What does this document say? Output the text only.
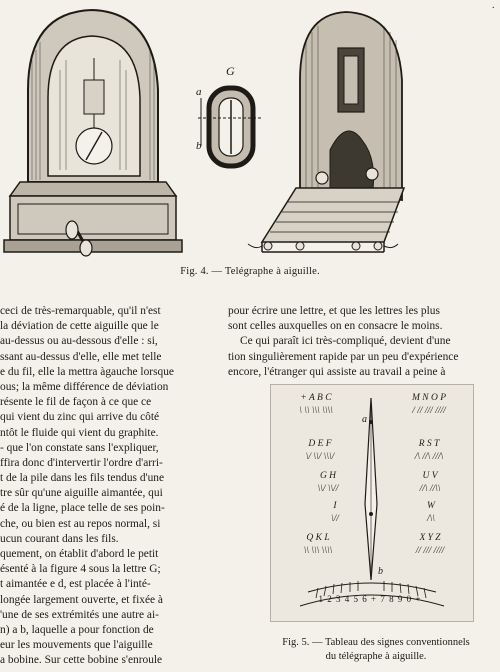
.
G
a
b
Fig. 4. — Telégraphe à aiguille.
ceci de très-remarquable, qu'il n'est
la déviation de cette aiguille que le
au-dessus ou au-dessous d'elle : si,
ssant au-dessus d'elle, elle met telle
e du fil, elle la mettra àgauche lorsque
ous; la même différence de déviation
résente le fil de façon à ce que ce
qui vient du zinc qui arrive du côté
ntôt le fluide qui vient du graphite.
- que l'on constate sans l'expliquer,
ffira donc d'intervertir l'ordre d'arri-
t de la pile dans les fils tendus d'une
tre sûr qu'une aiguille aimantée, qui
é de la ligne, place telle de ses poin-
che, ou bien est au repos normal, si
ucun courant dans les fils.
quement, on établit d'abord le petit
ésenté à la figure 4 sous la lettre G;
t aimantée e d, est placée à l'inté-
longée largement ouverte, et fixée à
'une de ses extrémités une autre ai-
n) a b, laquelle a pour fonction de
eur les mouvements que l'aiguille
a bobine. Sur cette bobine s'enroule
pour écrire une lettre, et que les lettres les plus
sont celles auxquelles on en consacre le moins.
Ce qui paraît ici très-compliqué, devient d'une
tion singulièrement rapide par un peu d'expérience
encore, l'étranger qui assiste au travail a peine à
+ A B C
\ \\ \\\ \\\\
M N O P
/ // /// ////
D E F
\/ \\/ \\\/
R S T
/\ //\ ///\
G H
\\/ \\//
U V
//\ //\\
I
\//
W
/\\
Q K L
\\ \\\ \\\\
X Y Z
// /// ////
a
b
1 2 3 4 5 6 + 7 8 9 0 +
Fig. 5. — Tableau des signes conventionnels
du télégraphe à aiguille.
